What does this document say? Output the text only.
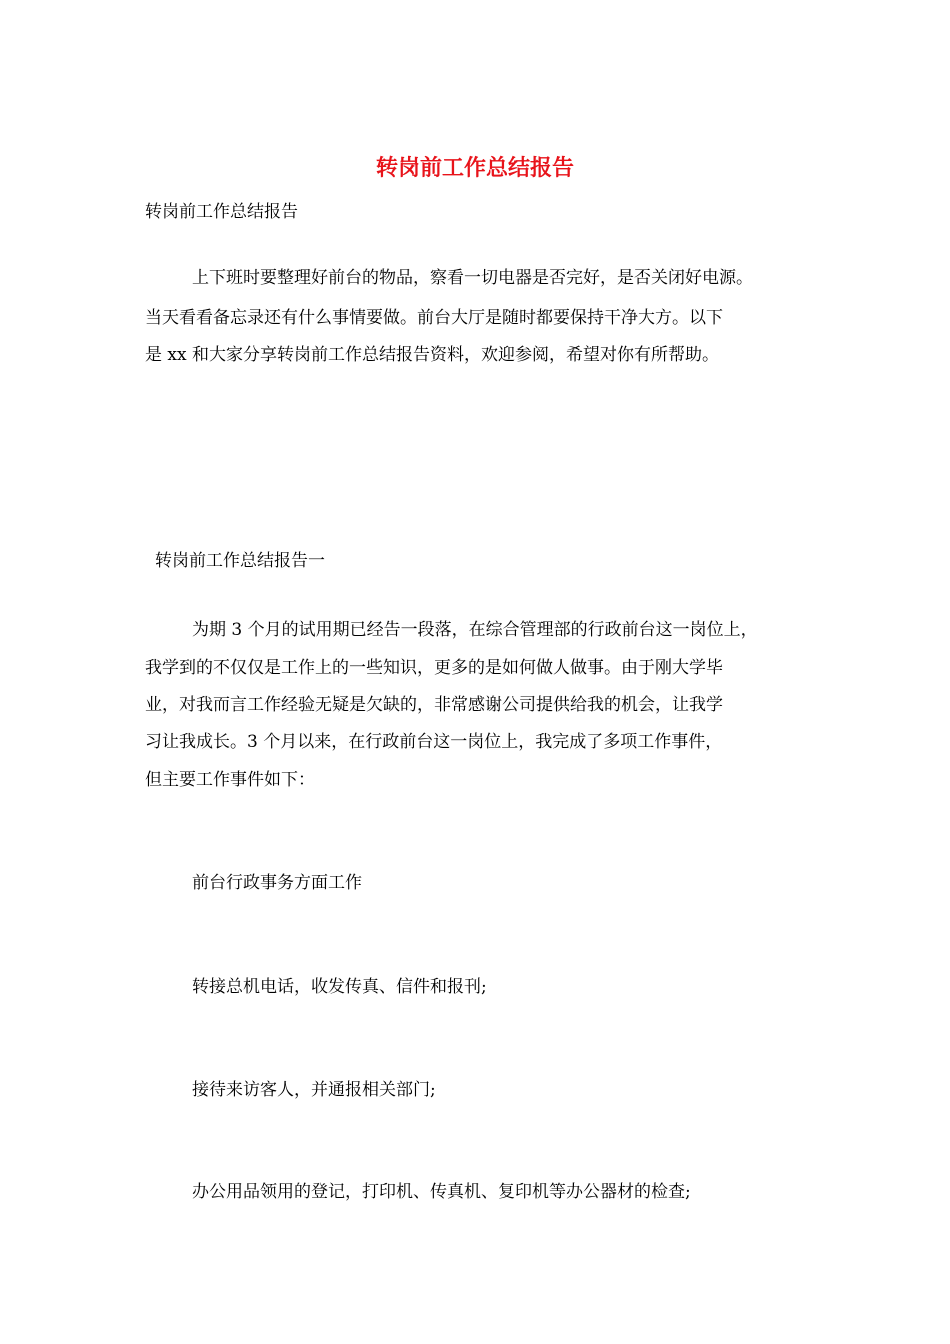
转岗前工作总结报告
转岗前工作总结报告
上下班时要整理好前台的物品，察看一切电器是否完好，是否关闭好电源。
当天看看备忘录还有什么事情要做。前台大厅是随时都要保持干净大方。以下
是 xx 和大家分享转岗前工作总结报告资料，欢迎参阅，希望对你有所帮助。
转岗前工作总结报告一
为期 3 个月的试用期已经告一段落，在综合管理部的行政前台这一岗位上，
我学到的不仅仅是工作上的一些知识，更多的是如何做人做事。由于刚大学毕
业，对我而言工作经验无疑是欠缺的，非常感谢公司提供给我的机会，让我学
习让我成长。3 个月以来，在行政前台这一岗位上，我完成了多项工作事件，
但主要工作事件如下：
前台行政事务方面工作
转接总机电话，收发传真、信件和报刊;
接待来访客人，并通报相关部门;
办公用品领用的登记，打印机、传真机、复印机等办公器材的检查;
